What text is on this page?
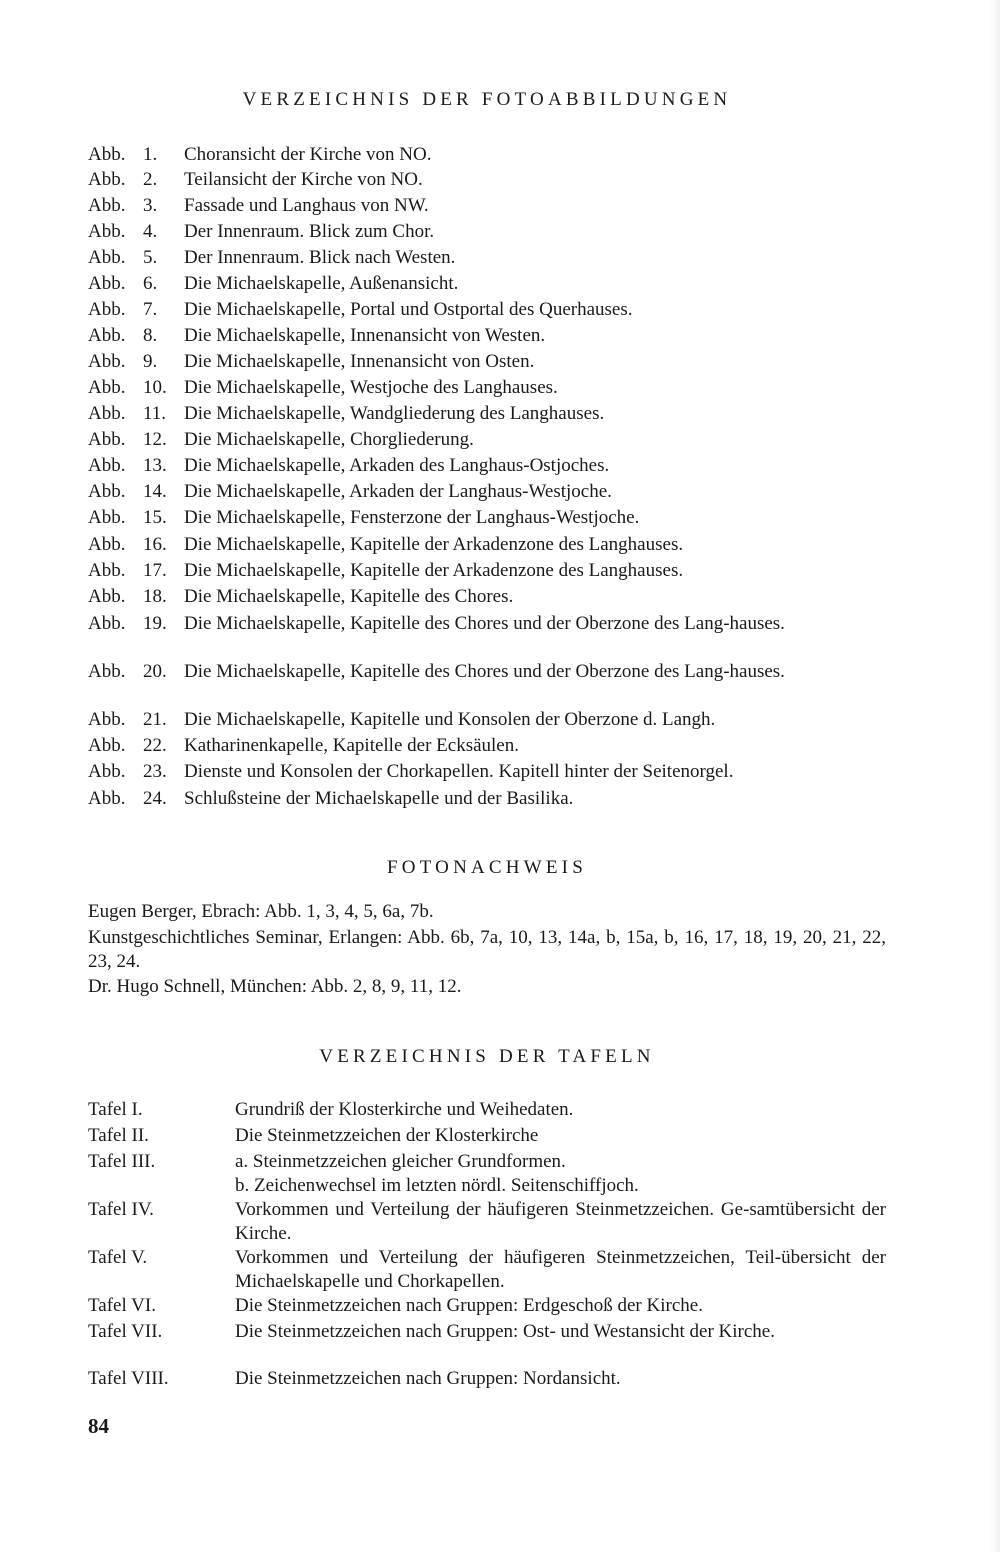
VERZEICHNIS DER FOTOABBILDUNGEN
Abb. 1. Choransicht der Kirche von NO.
Abb. 2. Teilansicht der Kirche von NO.
Abb. 3. Fassade und Langhaus von NW.
Abb. 4. Der Innenraum. Blick zum Chor.
Abb. 5. Der Innenraum. Blick nach Westen.
Abb. 6. Die Michaelskapelle, Außenansicht.
Abb. 7. Die Michaelskapelle, Portal und Ostportal des Querhauses.
Abb. 8. Die Michaelskapelle, Innenansicht von Westen.
Abb. 9. Die Michaelskapelle, Innenansicht von Osten.
Abb. 10. Die Michaelskapelle, Westjoche des Langhauses.
Abb. 11. Die Michaelskapelle, Wandgliederung des Langhauses.
Abb. 12. Die Michaelskapelle, Chorgliederung.
Abb. 13. Die Michaelskapelle, Arkaden des Langhaus-Ostjoches.
Abb. 14. Die Michaelskapelle, Arkaden der Langhaus-Westjoche.
Abb. 15. Die Michaelskapelle, Fensterzone der Langhaus-Westjoche.
Abb. 16. Die Michaelskapelle, Kapitelle der Arkadenzone des Langhauses.
Abb. 17. Die Michaelskapelle, Kapitelle der Arkadenzone des Langhauses.
Abb. 18. Die Michaelskapelle, Kapitelle des Chores.
Abb. 19. Die Michaelskapelle, Kapitelle des Chores und der Oberzone des Lang-hauses.
Abb. 20. Die Michaelskapelle, Kapitelle des Chores und der Oberzone des Lang-hauses.
Abb. 21. Die Michaelskapelle, Kapitelle und Konsolen der Oberzone d. Langh.
Abb. 22. Katharinenkapelle, Kapitelle der Ecksäulen.
Abb. 23. Dienste und Konsolen der Chorkapellen. Kapitell hinter der Seitenorgel.
Abb. 24. Schlußsteine der Michaelskapelle und der Basilika.
FOTONACHWEIS
Eugen Berger, Ebrach: Abb. 1, 3, 4, 5, 6a, 7b.
Kunstgeschichtliches Seminar, Erlangen: Abb. 6b, 7a, 10, 13, 14a, b, 15a, b, 16, 17, 18, 19, 20, 21, 22, 23, 24.
Dr. Hugo Schnell, München: Abb. 2, 8, 9, 11, 12.
VERZEICHNIS DER TAFELN
Tafel I.	Grundriß der Klosterkirche und Weihedaten.
Tafel II.	Die Steinmetzzeichen der Klosterkirche
Tafel III.	a. Steinmetzzeichen gleicher Grundformen.
b. Zeichenwechsel im letzten nördl. Seitenschiffjoch.
Tafel IV.	Vorkommen und Verteilung der häufigeren Steinmetzzeichen. Ge-samtübersicht der Kirche.
Tafel V.	Vorkommen und Verteilung der häufigeren Steinmetzzeichen, Teil-übersicht der Michaelskapelle und Chorkapellen.
Tafel VI.	Die Steinmetzzeichen nach Gruppen: Erdgeschoß der Kirche.
Tafel VII.	Die Steinmetzzeichen nach Gruppen: Ost- und Westansicht der Kirche.
Tafel VIII.	Die Steinmetzzeichen nach Gruppen: Nordansicht.
84
